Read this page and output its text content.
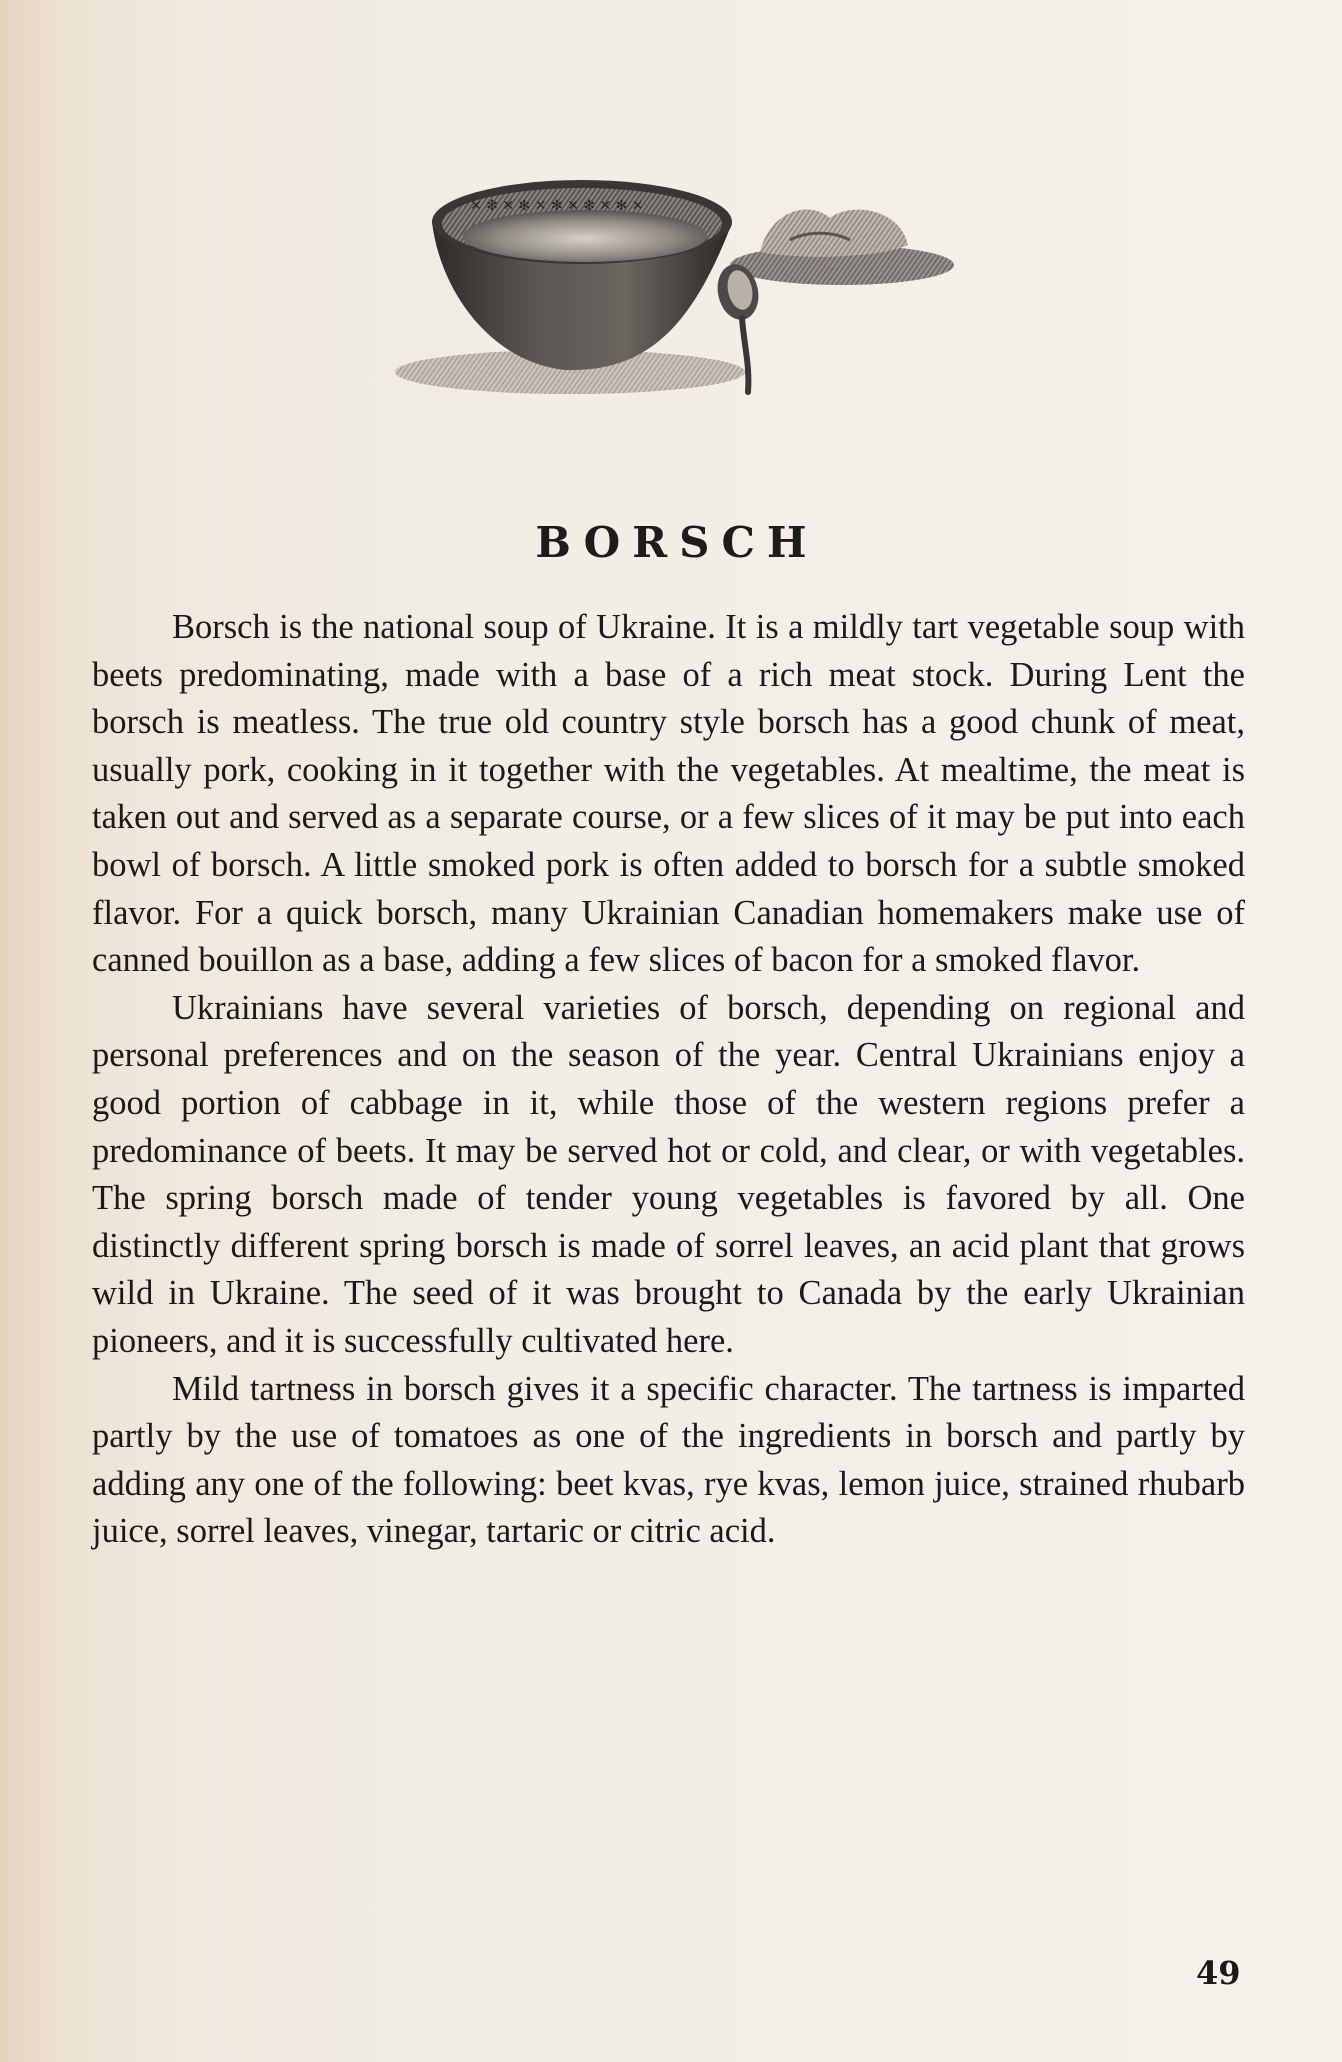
✕ ✻ ✕ ✻ ✕ ✻ ✕ ✻ ✕ ✻ ✕
BORSCH

Borsch is the national soup of Ukraine. It is a mildly tart vegetable soup with beets predominating, made with a base of a rich meat stock. During Lent the borsch is meatless. The true old country style borsch has a good chunk of meat, usually pork, cooking in it together with the vegetables. At mealtime, the meat is taken out and served as a separate course, or a few slices of it may be put into each bowl of borsch. A little smoked pork is often added to borsch for a subtle smoked flavor. For a quick borsch, many Ukrainian Canadian homemakers make use of canned bouillon as a base, adding a few slices of bacon for a smoked flavor.

Ukrainians have several varieties of borsch, depending on regional and personal preferences and on the season of the year. Central Ukrainians enjoy a good portion of cabbage in it, while those of the western regions prefer a predominance of beets. It may be served hot or cold, and clear, or with vegetables. The spring borsch made of tender young vegetables is favored by all. One distinctly different spring borsch is made of sorrel leaves, an acid plant that grows wild in Ukraine. The seed of it was brought to Canada by the early Ukrainian pioneers, and it is successfully cultivated here.

Mild tartness in borsch gives it a specific character. The tartness is imparted partly by the use of tomatoes as one of the ingredients in borsch and partly by adding any one of the following: beet kvas, rye kvas, lemon juice, strained rhubarb juice, sorrel leaves, vinegar, tartaric or citric acid.

49
